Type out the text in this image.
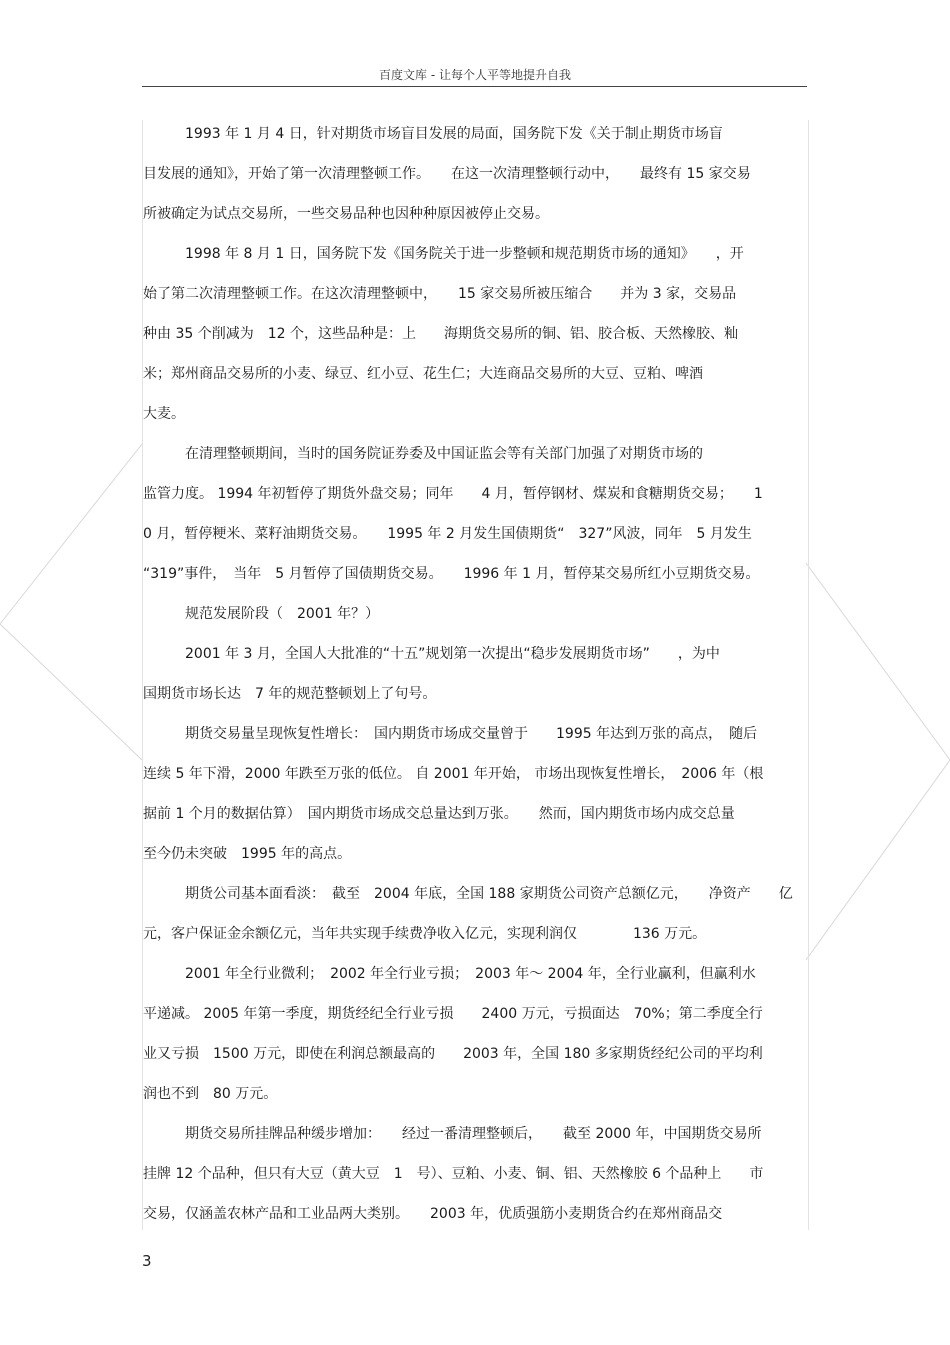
百度文库 - 让每个人平等地提升自我
1993 年 1 月 4 日，针对期货市场盲目发展的局面，国务院下发《关于制止期货市场盲
目发展的通知》，开始了第一次清理整顿工作。　　在这一次清理整顿行动中，　　最终有 15 家交易
所被确定为试点交易所，一些交易品种也因种种原因被停止交易。
1998 年 8 月 1 日，国务院下发《国务院关于进一步整顿和规范期货市场的通知》　　，开
始了第二次清理整顿工作。在这次清理整顿中，　　15 家交易所被压缩合　　并为 3 家，交易品
种由 35 个削减为　12 个，这些品种是：上　　海期货交易所的铜、铝、胶合板、天然橡胶、籼
米；郑州商品交易所的小麦、绿豆、红小豆、花生仁；大连商品交易所的大豆、豆粕、啤酒
大麦。
在清理整顿期间，当时的国务院证券委及中国证监会等有关部门加强了对期货市场的
监管力度。 1994 年初暂停了期货外盘交易；同年　　4 月，暂停钢材、煤炭和食糖期货交易；　　1
0 月，暂停粳米、菜籽油期货交易。　　1995 年 2 月发生国债期货“　327”风波，同年　5 月发生
“319”事件，　当年　5 月暂停了国债期货交易。　　1996 年 1 月，暂停某交易所红小豆期货交易。
规范发展阶段（　2001 年？）
2001 年 3 月，全国人大批准的“十五”规划第一次提出“稳步发展期货市场”　　，为中
国期货市场长达　7 年的规范整顿划上了句号。
期货交易量呈现恢复性增长：　国内期货市场成交量曾于　　1995 年达到万张的高点，　随后
连续 5 年下滑，2000 年跌至万张的低位。 自 2001 年开始， 市场出现恢复性增长，　2006 年（根
据前 1 个月的数据估算）　国内期货市场成交总量达到万张。　　然而，国内期货市场内成交总量
至今仍未突破　1995 年的高点。
期货公司基本面看淡：　截至　2004 年底，全国 188 家期货公司资产总额亿元，　　净资产　　亿
元，客户保证金余额亿元，当年共实现手续费净收入亿元，实现利润仅　　　　136 万元。
2001 年全行业微利；　2002 年全行业亏损；　2003 年～ 2004 年，全行业赢利，但赢利水
平递减。 2005 年第一季度，期货经纪全行业亏损　　2400 万元，亏损面达　70%；第二季度全行
业又亏损　1500 万元，即使在利润总额最高的　　2003 年，全国 180 多家期货经纪公司的平均利
润也不到　80 万元。
期货交易所挂牌品种缓步增加：　　经过一番清理整顿后，　　截至 2000 年，中国期货交易所
挂牌 12 个品种，但只有大豆（黄大豆　1　号）、豆粕、小麦、铜、铝、天然橡胶 6 个品种上　　市
交易，仅涵盖农林产品和工业品两大类别。　　2003 年，优质强筋小麦期货合约在郑州商品交
3
